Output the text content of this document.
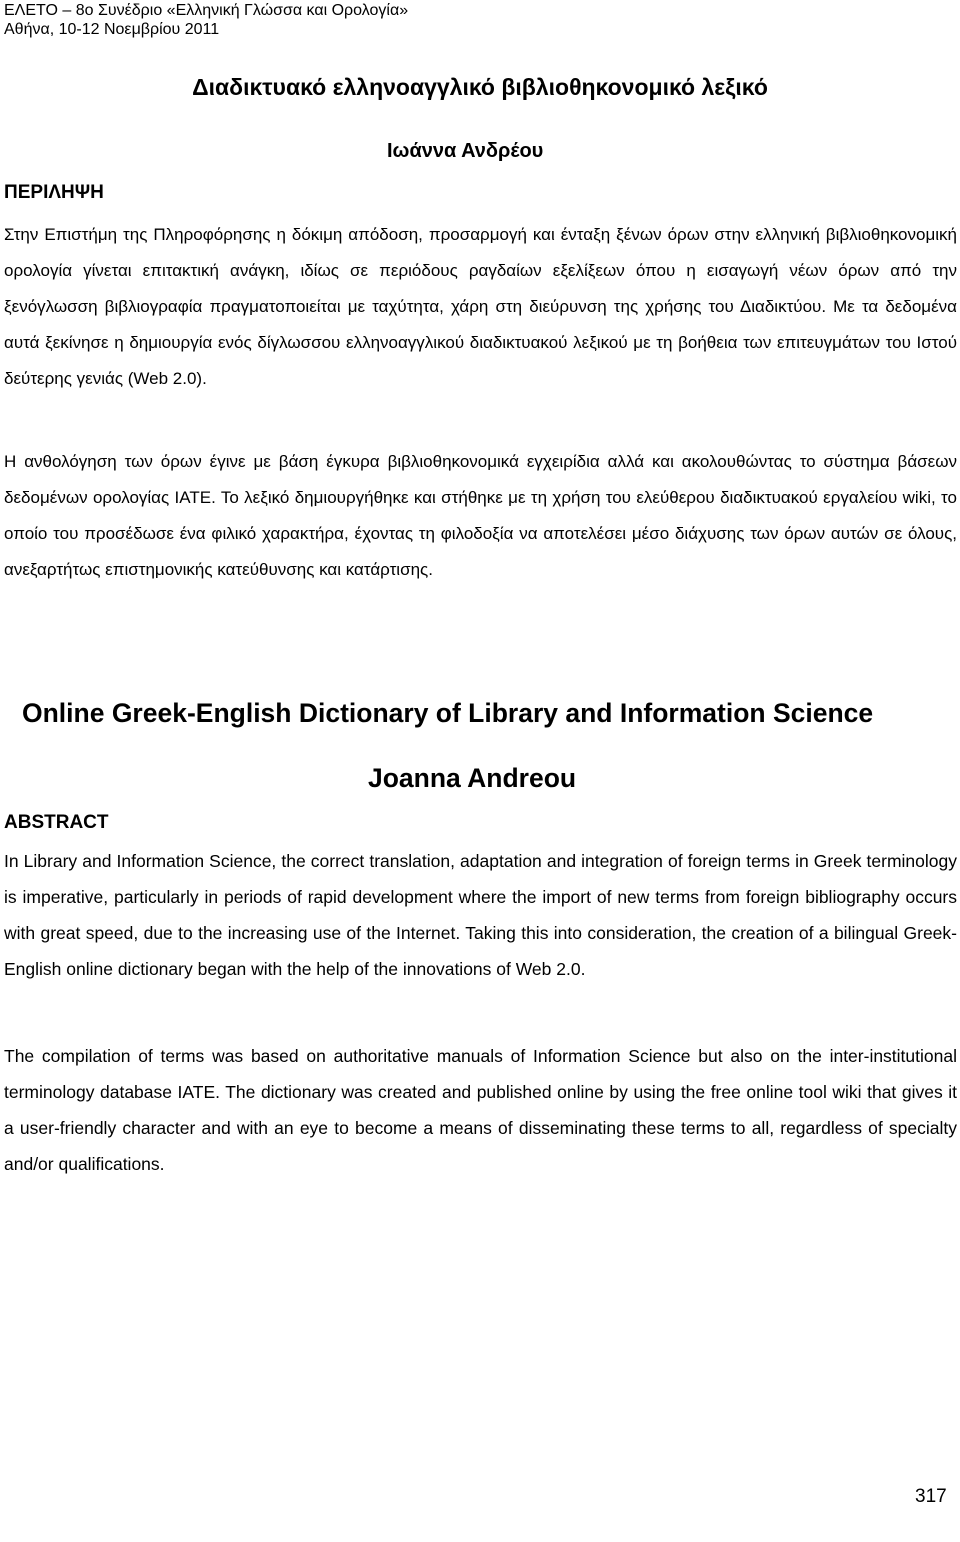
ΕΛΕΤΟ – 8ο Συνέδριο «Ελληνική Γλώσσα και Ορολογία»
Αθήνα, 10-12 Νοεμβρίου 2011
Διαδικτυακό ελληνοαγγλικό βιβλιοθηκονομικό λεξικό
Ιωάννα Ανδρέου
ΠΕΡΙΛΗΨΗ

Στην Επιστήμη της Πληροφόρησης η δόκιμη απόδοση, προσαρμογή και ένταξη ξένων όρων στην ελληνική βιβλιοθηκονομική ορολογία γίνεται επιτακτική ανάγκη, ιδίως σε περιόδους ραγδαίων εξελίξεων όπου η εισαγωγή νέων όρων από την ξενόγλωσση βιβλιογραφία πραγματοποιείται με ταχύτητα, χάρη στη διεύρυνση της χρήσης του Διαδικτύου. Με τα δεδομένα αυτά ξεκίνησε η δημιουργία ενός δίγλωσσου ελληνοαγγλικού διαδικτυακού λεξικού με τη βοήθεια των επιτευγμάτων του Ιστού δεύτερης γενιάς (Web 2.0).

Η ανθολόγηση των όρων έγινε με βάση έγκυρα βιβλιοθηκονομικά εγχειρίδια αλλά και ακολουθώντας το σύστημα βάσεων δεδομένων ορολογίας ΙΑΤΕ. Το λεξικό δημιουργήθηκε και στήθηκε με τη χρήση του ελεύθερου διαδικτυακού εργαλείου wiki, το οποίο του προσέδωσε ένα φιλικό χαρακτήρα, έχοντας τη φιλοδοξία να αποτελέσει μέσο διάχυσης των όρων αυτών σε όλους, ανεξαρτήτως επιστημονικής κατεύθυνσης και κατάρτισης.

Online Greek-English Dictionary of Library and Information Science
Joanna Andreou
ABSTRACT

In Library and Information Science, the correct translation, adaptation and integration of foreign terms in Greek terminology is imperative, particularly in periods of rapid development where the import of new terms from foreign bibliography occurs with great speed, due to the increasing use of the Internet. Taking this into consideration, the creation of a bilingual Greek-English online dictionary began with the help of the innovations of Web 2.0.

The compilation of terms was based on authoritative manuals of Information Science but also on the inter-institutional terminology database IATE. The dictionary was created and published online by using the free online tool wiki that gives it a user-friendly character and with an eye to become a means of disseminating these terms to all, regardless of specialty and/or qualifications.

317
